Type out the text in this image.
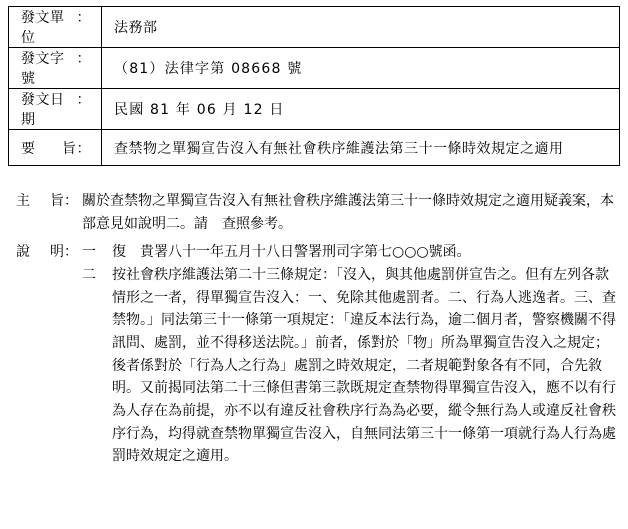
發文單位
：	法務部

發文字號
：	（81）法律字第 08668 號

發文日期
：	民國 81 年 06 月 12 日

要 旨：	查禁物之單獨宣告沒入有無社會秩序維護法第三十一條時效規定之適用
主 旨： 關於查禁物之單獨宣告沒入有無社會秩序維護法第三十一條時效規定之適用疑義案，本部意見如說明二。請　查照參考。
說 明： 一	復　貴署八十一年五月十八日警署刑司字第七○○○號函。
二	按社會秩序維護法第二十三條規定：「沒入，與其他處罰併宣告之。但有左列各款情形之一者，得單獨宣告沒入：一、免除其他處罰者。二、行為人逃逸者。三、查禁物。」同法第三十一條第一項規定：「違反本法行為，逾二個月者，警察機關不得訊問、處罰，並不得移送法院。」前者，係對於「物」所為單獨宣告沒入之規定；後者係對於「行為人之行為」處罰之時效規定，二者規範對象各有不同，合先敘明。又前揭同法第二十三條但書第三款既規定查禁物得單獨宣告沒入，應不以有行為人存在為前提，亦不以有違反社會秩序行為為必要，縱令無行為人或違反社會秩序行為，均得就查禁物單獨宣告沒入，自無同法第三十一條第一項就行為人行為處罰時效規定之適用。
